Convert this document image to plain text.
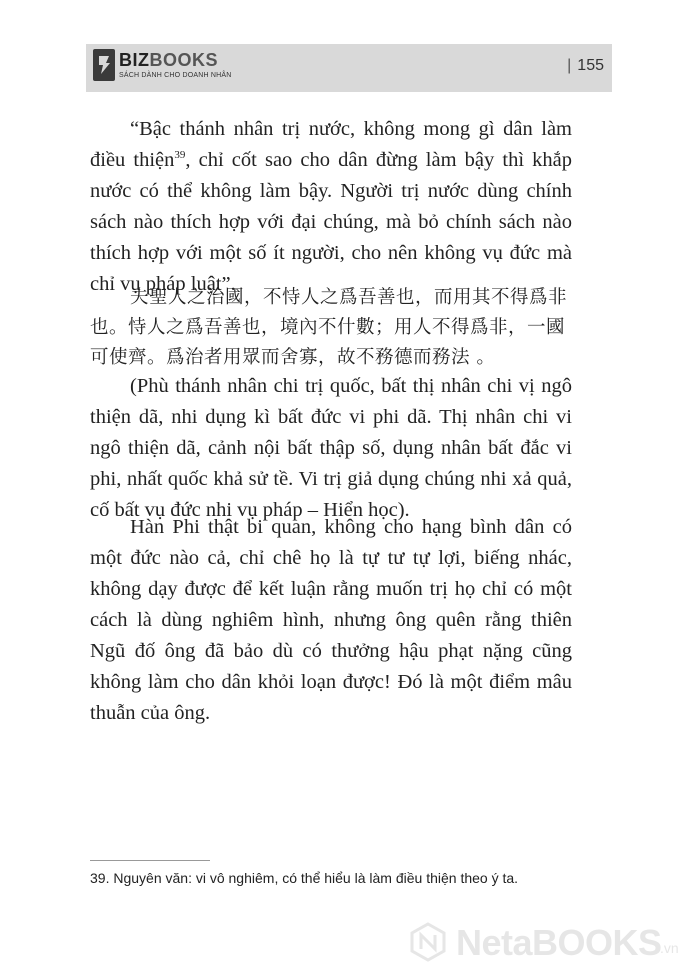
BIZBOOKS
SÁCH DÀNH CHO DOANH NHÂN
| 155

“Bậc thánh nhân trị nước, không mong gì dân làm điều thiện$^{39}$, chỉ cốt sao cho dân đừng làm bậy thì khắp nước có thể không làm bậy. Người trị nước dùng chính sách nào thích hợp với đại chúng, mà bỏ chính sách nào thích hợp với một số ít người, cho nên không vụ đức mà chỉ vụ pháp luật”.

夫聖人之治國，不恃人之爲吾善也，而用其不得爲非也。恃人之爲吾善也，境內不什數；用人不得爲非，一國可使齊。爲治者用眾而舍寡，故不務德而務法 。

(Phù thánh nhân chi trị quốc, bất thị nhân chi vị ngô thiện dã, nhi dụng kì bất đức vi phi dã. Thị nhân chi vi ngô thiện dã, cảnh nội bất thập số, dụng nhân bất đắc vi phi, nhất quốc khả sử tề. Vi trị giả dụng chúng nhi xả quả, cố bất vụ đức nhi vụ pháp – Hiển học).

Hàn Phi thật bi quan, không cho hạng bình dân có một đức nào cả, chỉ chê họ là tự tư tự lợi, biếng nhác, không dạy được để kết luận rằng muốn trị họ chỉ có một cách là dùng nghiêm hình, nhưng ông quên rằng thiên Ngũ đố ông đã bảo dù có thưởng hậu phạt nặng cũng không làm cho dân khỏi loạn được! Đó là một điểm mâu thuẫn của ông.

39. Nguyên văn: vi vô nghiêm, có thể hiểu là làm điều thiện theo ý ta.

NetaBOOKS
.vn
